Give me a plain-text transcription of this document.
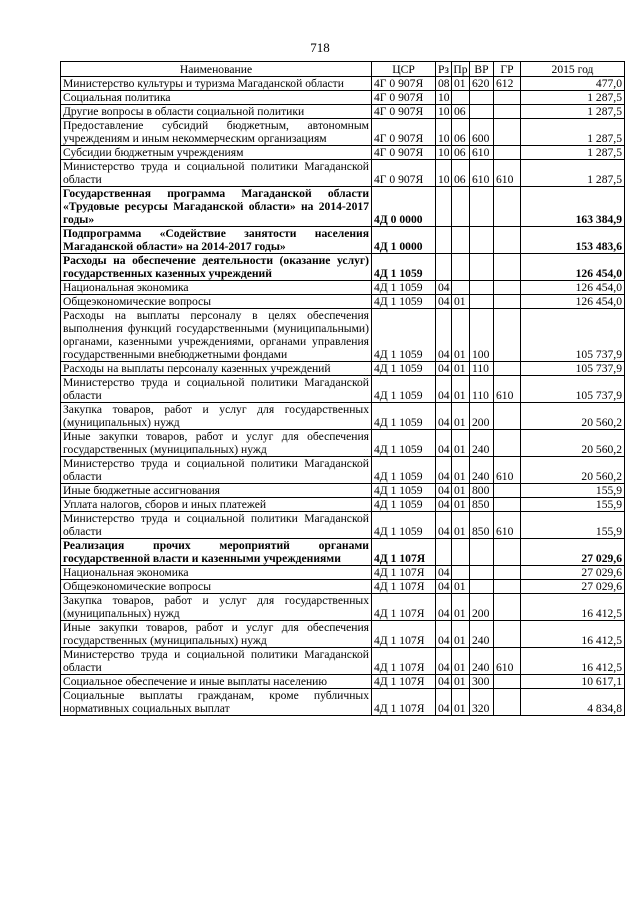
718
Наименование	ЦСР	Рз	Пр	ВР	ГР	2015 год
Министерство культуры и туризма Магаданской области	4Г 0 907Я	08	01	620	612	477,0
Социальная политика	4Г 0 907Я	10				1 287,5
Другие вопросы в области социальной политики	4Г 0 907Я	10	06			1 287,5
Предоставление субсидий бюджетным, автономным учреждениям и иным некоммерческим организациям	4Г 0 907Я	10	06	600		1 287,5
Субсидии бюджетным учреждениям	4Г 0 907Я	10	06	610		1 287,5
Министерство труда и социальной политики Магаданской области	4Г 0 907Я	10	06	610	610	1 287,5
Государственная программа Магаданской области «Трудовые ресурсы Магаданской области» на 2014-2017 годы»	4Д 0 0000					163 384,9
Подпрограмма «Содействие занятости населения Магаданской области» на 2014-2017 годы»	4Д 1 0000					153 483,6
Расходы на обеспечение деятельности (оказание услуг) государственных казенных учреждений	4Д 1 1059					126 454,0
Национальная экономика	4Д 1 1059	04				126 454,0
Общеэкономические вопросы	4Д 1 1059	04	01			126 454,0
Расходы на выплаты персоналу в целях обеспечения выполнения функций государственными (муниципальными) органами, казенными учреждениями, органами управления государственными внебюджетными фондами	4Д 1 1059	04	01	100		105 737,9
Расходы на выплаты персоналу казенных учреждений	4Д 1 1059	04	01	110		105 737,9
Министерство труда и социальной политики Магаданской области	4Д 1 1059	04	01	110	610	105 737,9
Закупка товаров, работ и услуг для государственных (муниципальных) нужд	4Д 1 1059	04	01	200		20 560,2
Иные закупки товаров, работ и услуг для обеспечения государственных (муниципальных) нужд	4Д 1 1059	04	01	240		20 560,2
Министерство труда и социальной политики Магаданской области	4Д 1 1059	04	01	240	610	20 560,2
Иные бюджетные ассигнования	4Д 1 1059	04	01	800		155,9
Уплата налогов, сборов и иных платежей	4Д 1 1059	04	01	850		155,9
Министерство труда и социальной политики Магаданской области	4Д 1 1059	04	01	850	610	155,9
Реализация прочих мероприятий органами государственной власти и казенными учреждениями	4Д 1 107Я					27 029,6
Национальная экономика	4Д 1 107Я	04				27 029,6
Общеэкономические вопросы	4Д 1 107Я	04	01			27 029,6
Закупка товаров, работ и услуг для государственных (муниципальных) нужд	4Д 1 107Я	04	01	200		16 412,5
Иные закупки товаров, работ и услуг для обеспечения государственных (муниципальных) нужд	4Д 1 107Я	04	01	240		16 412,5
Министерство труда и социальной политики Магаданской области	4Д 1 107Я	04	01	240	610	16 412,5
Социальное обеспечение и иные выплаты населению	4Д 1 107Я	04	01	300		10 617,1
Социальные выплаты гражданам, кроме публичных нормативных социальных выплат	4Д 1 107Я	04	01	320		4 834,8
